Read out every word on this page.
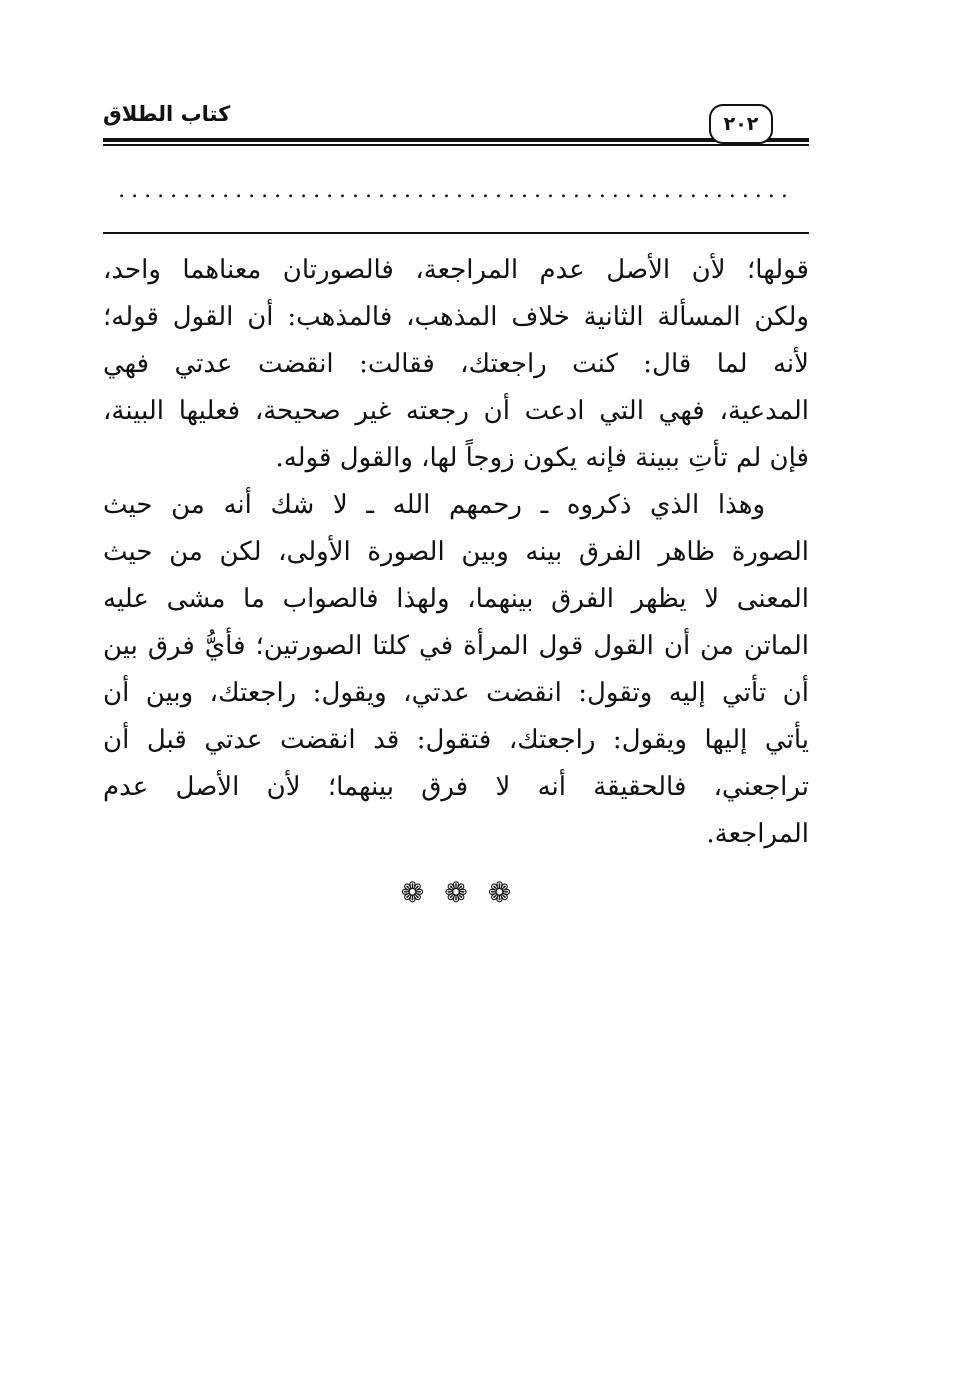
كتاب الطلاق	٢٠٢
....................................................
قولها؛ لأن الأصل عدم المراجعة، فالصورتان معناهما واحد،
ولكن المسألة الثانية خلاف المذهب، فالمذهب: أن القول قوله؛
لأنه لما قال: كنت راجعتك، فقالت: انقضت عدتي فهي
المدعية، فهي التي ادعت أن رجعته غير صحيحة، فعليها البينة،
فإن لم تأتِ ببينة فإنه يكون زوجاً لها، والقول قوله.
وهذا الذي ذكروه ـ رحمهم الله ـ لا شك أنه من حيث
الصورة ظاهر الفرق بينه وبين الصورة الأولى، لكن من حيث
المعنى لا يظهر الفرق بينهما، ولهذا فالصواب ما مشى عليه
الماتن من أن القول قول المرأة في كلتا الصورتين؛ فأيُّ فرق بين
أن تأتي إليه وتقول: انقضت عدتي، ويقول: راجعتك، وبين أن
يأتي إليها ويقول: راجعتك، فتقول: قد انقضت عدتي قبل أن
تراجعني، فالحقيقة أنه لا فرق بينهما؛ لأن الأصل عدم
المراجعة.
❁ ❁ ❁
